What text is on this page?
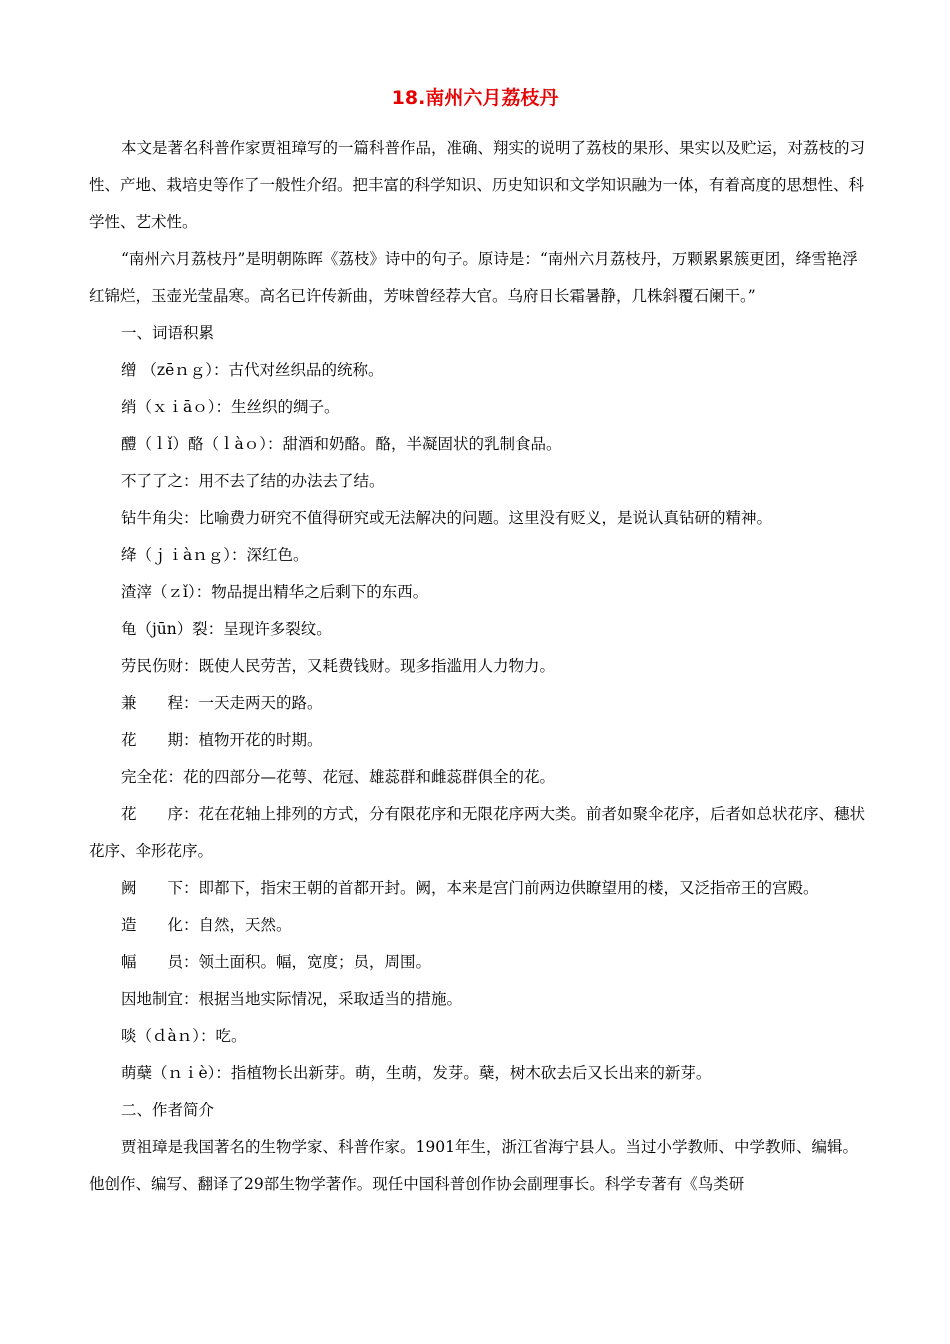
18.南州六月荔枝丹

本文是著名科普作家贾祖璋写的一篇科普作品，准确、翔实的说明了荔枝的果形、果实以及贮运，对荔枝的习性、产地、栽培史等作了一般性介绍。把丰富的科学知识、历史知识和文学知识融为一体，有着高度的思想性、科学性、艺术性。

“南州六月荔枝丹”是明朝陈晖《荔枝》诗中的句子。原诗是：“南州六月荔枝丹，万颗累累簇更团，绛雪艳浮红锦烂，玉壶光莹晶寒。高名已许传新曲，芳味曾经荐大官。乌府日长霜暑静，几株斜覆石阑干。”

一、词语积累

缯 （zēｎｇ）：古代对丝织品的统称。

绡（ｘｉāｏ）：生丝织的绸子。

醴（ｌǐ）酪（ｌàｏ）：甜酒和奶酪。酪，半凝固状的乳制食品。

不了了之：用不去了结的办法去了结。

钻牛角尖：比喻费力研究不值得研究或无法解决的问题。这里没有贬义，是说认真钻研的精神。

绛（ｊｉàｎｇ）：深红色。

渣滓（ｚǐ）：物品提出精华之后剩下的东西。

龟（jūn）裂：呈现许多裂纹。

劳民伤财：既使人民劳苦，又耗费钱财。现多指滥用人力物力。

兼　　程：一天走两天的路。

花　　期：植物开花的时期。

完全花：花的四部分—花萼、花冠、雄蕊群和雌蕊群俱全的花。

花　　序：花在花轴上排列的方式，分有限花序和无限花序两大类。前者如聚伞花序，后者如总状花序、穗状花序、伞形花序。

阙　　下：即都下，指宋王朝的首都开封。阙，本来是宫门前两边供瞭望用的楼，又泛指帝王的宫殿。

造　　化：自然，天然。

幅　　员：领土面积。幅，宽度；员，周围。

因地制宜：根据当地实际情况，采取适当的措施。

啖（ｄàｎ）：吃。

萌蘖（ｎｉè）：指植物长出新芽。萌，生萌，发芽。蘖，树木砍去后又长出来的新芽。

二、作者简介

贾祖璋是我国著名的生物学家、科普作家。1901年生，浙江省海宁县人。当过小学教师、中学教师、编辑。他创作、编写、翻译了29部生物学著作。现任中国科普创作协会副理事长。科学专著有《鸟类研
